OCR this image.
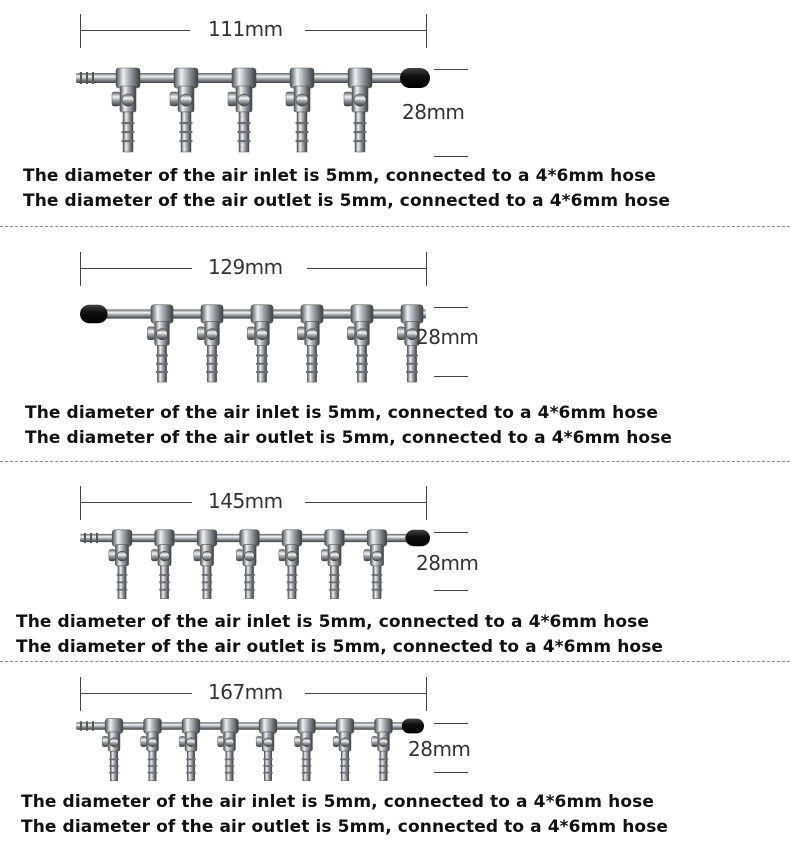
111mm
28mm
The diameter of the air inlet is 5mm, connected to a 4*6mm hose
The diameter of the air outlet is 5mm, connected to a 4*6mm hose
129mm
28mm
The diameter of the air inlet is 5mm, connected to a 4*6mm hose
The diameter of the air outlet is 5mm, connected to a 4*6mm hose
145mm
28mm
The diameter of the air inlet is 5mm, connected to a 4*6mm hose
The diameter of the air outlet is 5mm, connected to a 4*6mm hose
167mm
28mm
The diameter of the air inlet is 5mm, connected to a 4*6mm hose
The diameter of the air outlet is 5mm, connected to a 4*6mm hose
